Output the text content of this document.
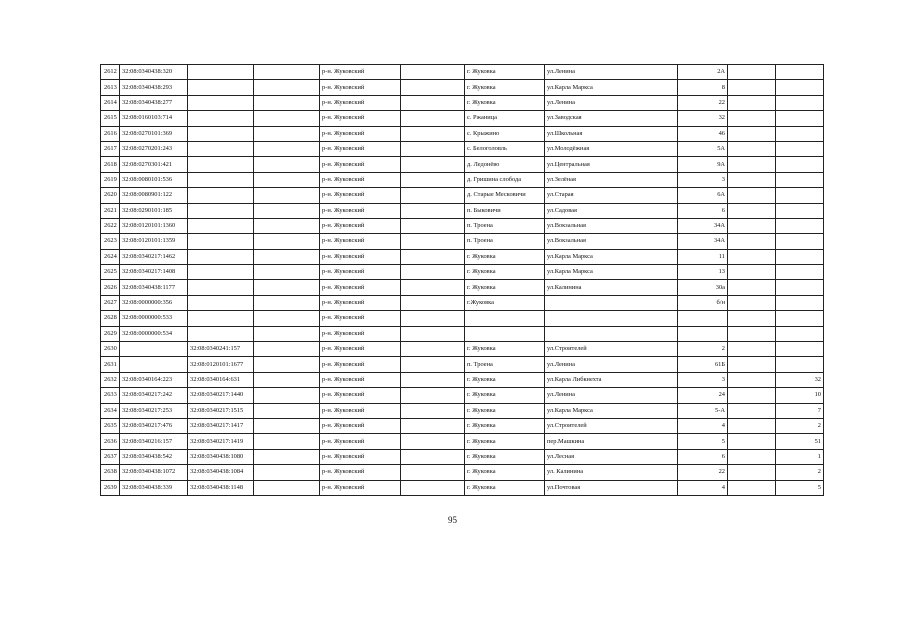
2612	32:08:0340438:320			р-н. Жуковский		г. Жуковка	ул.Ленина	2А		
2613	32:08:0340438:293			р-н. Жуковский		г. Жуковка	ул.Карла Маркса	8		
2614	32:08:0340438:277			р-н. Жуковский		г. Жуковка	ул.Ленина	22		
2615	32:08:0160103:714			р-н. Жуковский		с. Ржаница	ул.Заводская	32		
2616	32:08:0270101:369			р-н. Жуковский		с. Крыжино	ул.Школьная	46		
2617	32:08:0270201:243			р-н. Жуковский		с. Белоголовль	ул.Молодёжная	5А		
2618	32:08:0270301:421			р-н. Жуковский		д. Ледонёво	ул.Центральная	9А		
2619	32:08:0080101:536			р-н. Жуковский		д. Гришина слобода	ул.Зелёная	3		
2620	32:08:0080901:122			р-н. Жуковский		д. Старые Месковичи	ул.Старая	6А		
2621	32:08:0290101:185			р-н. Жуковский		п. Быковичи	ул.Садовая	6		
2622	32:08:0120101:1360			р-н. Жуковский		п. Троена	ул.Вокзальная	34А		
2623	32:08:0120101:1359			р-н. Жуковский		п. Троена	ул.Вокзальная	34А		
2624	32:08:0340217:1462			р-н. Жуковский		г. Жуковка	ул.Карла Маркса	11		
2625	32:08:0340217:1408			р-н. Жуковский		г. Жуковка	ул.Карла Маркса	13		
2626	32:08:0340438:1177			р-н. Жуковский		г. Жуковка	ул.Калинина	30а		
2627	32:08:0000000:356			р-н. Жуковский		г.Жуковка		б/н		
2628	32:08:0000000:533			р-н. Жуковский						
2629	32:08:0000000:534			р-н. Жуковский						
2630		32:08:0340241:157		р-н. Жуковский		г. Жуковка	ул.Строителей	2		
2631		32:08:0120101:1677		р-н. Жуковский		п. Троена	ул.Ленина	61Б		
2632	32:08:0340164:223	32:08:0340164:631		р-н. Жуковский		г. Жуковка	ул.Карла Либкнехта	3		32
2633	32:08:0340217:242	32:08:0340217:1440		р-н. Жуковский		г. Жуковка	ул.Ленина	24		10
2634	32:08:0340217:253	32:08:0340217:1515		р-н. Жуковский		г. Жуковка	ул.Карла Маркса	5-А		7
2635	32:08:0340217:476	32:08:0340217:1417		р-н. Жуковский		г. Жуковка	ул.Строителей	4		2
2636	32:08:0340216:157	32:08:0340217:1419		р-н. Жуковский		г. Жуковка	пер.Машкина	5		51
2637	32:08:0340438:542	32:08:0340438:1080		р-н. Жуковский		г. Жуковка	ул.Лесная	6		1
2638	32:08:0340438:1072	32:08:0340438:1084		р-н. Жуковский		г. Жуковка	ул. Калинина	22		2
2639	32:08:0340438:339	32:08:0340438:1148		р-н. Жуковский		г. Жуковка	ул.Почтовая	4		5
95
